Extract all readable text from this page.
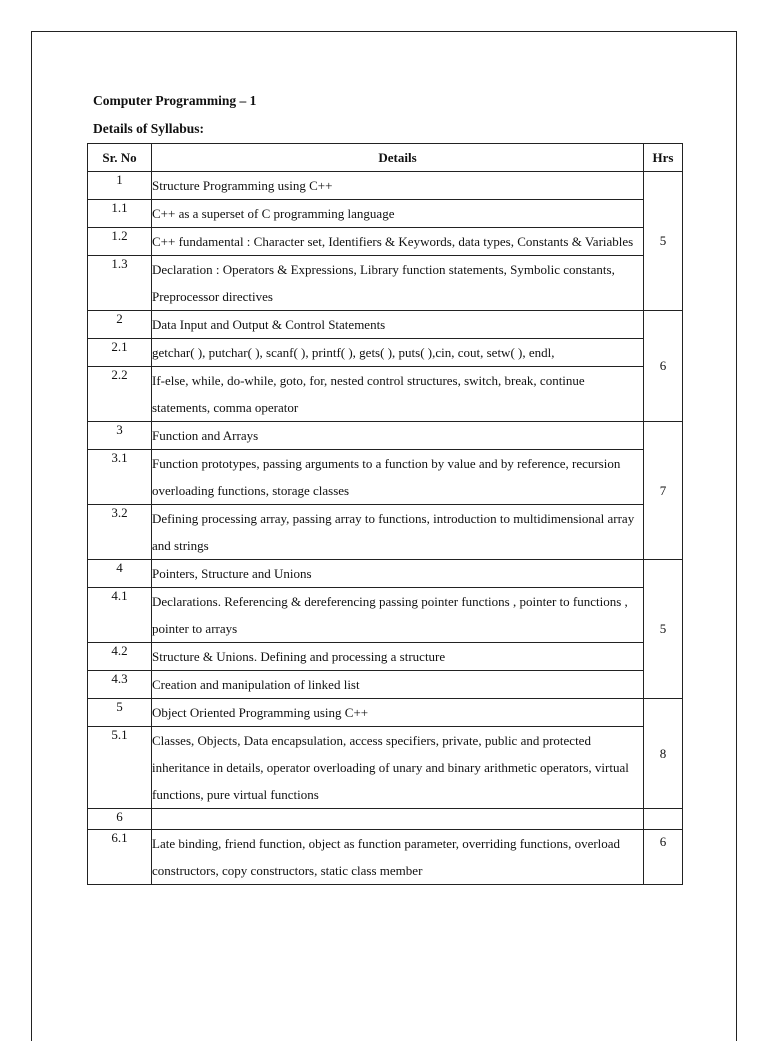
Computer Programming – 1

Details of Syllabus:

Sr. No	Details	Hrs
1	Structure Programming using C++	5
1.1	C++ as a superset of C programming language	
1.2	C++ fundamental : Character set, Identifiers & Keywords, data types, Constants & Variables	
1.3	Declaration : Operators & Expressions, Library function statements, Symbolic constants, Preprocessor directives	
2	Data Input and Output & Control Statements	6
2.1	getchar( ), putchar( ), scanf( ), printf( ), gets( ), puts( ),cin, cout, setw( ), endl,	
2.2	If-else, while, do-while, goto, for, nested control structures, switch, break, continue statements, comma operator	
3	Function and Arrays	7
3.1	Function prototypes, passing arguments to a function by value and by reference, recursion overloading functions, storage classes	
3.2	Defining processing array, passing array to functions, introduction to multidimensional array and strings	
4	Pointers, Structure and Unions	5
4.1	Declarations. Referencing & dereferencing passing pointer functions , pointer to functions , pointer to arrays	
4.2	Structure & Unions. Defining and processing a structure	
4.3	Creation and manipulation of linked list	
5	Object Oriented Programming using C++	8
5.1	Classes, Objects, Data encapsulation, access specifiers, private, public and protected inheritance in details, operator overloading of unary and binary arithmetic operators, virtual functions, pure virtual functions	
6		
6.1	Late binding, friend function, object as function parameter, overriding functions, overload constructors, copy constructors, static class member	6
